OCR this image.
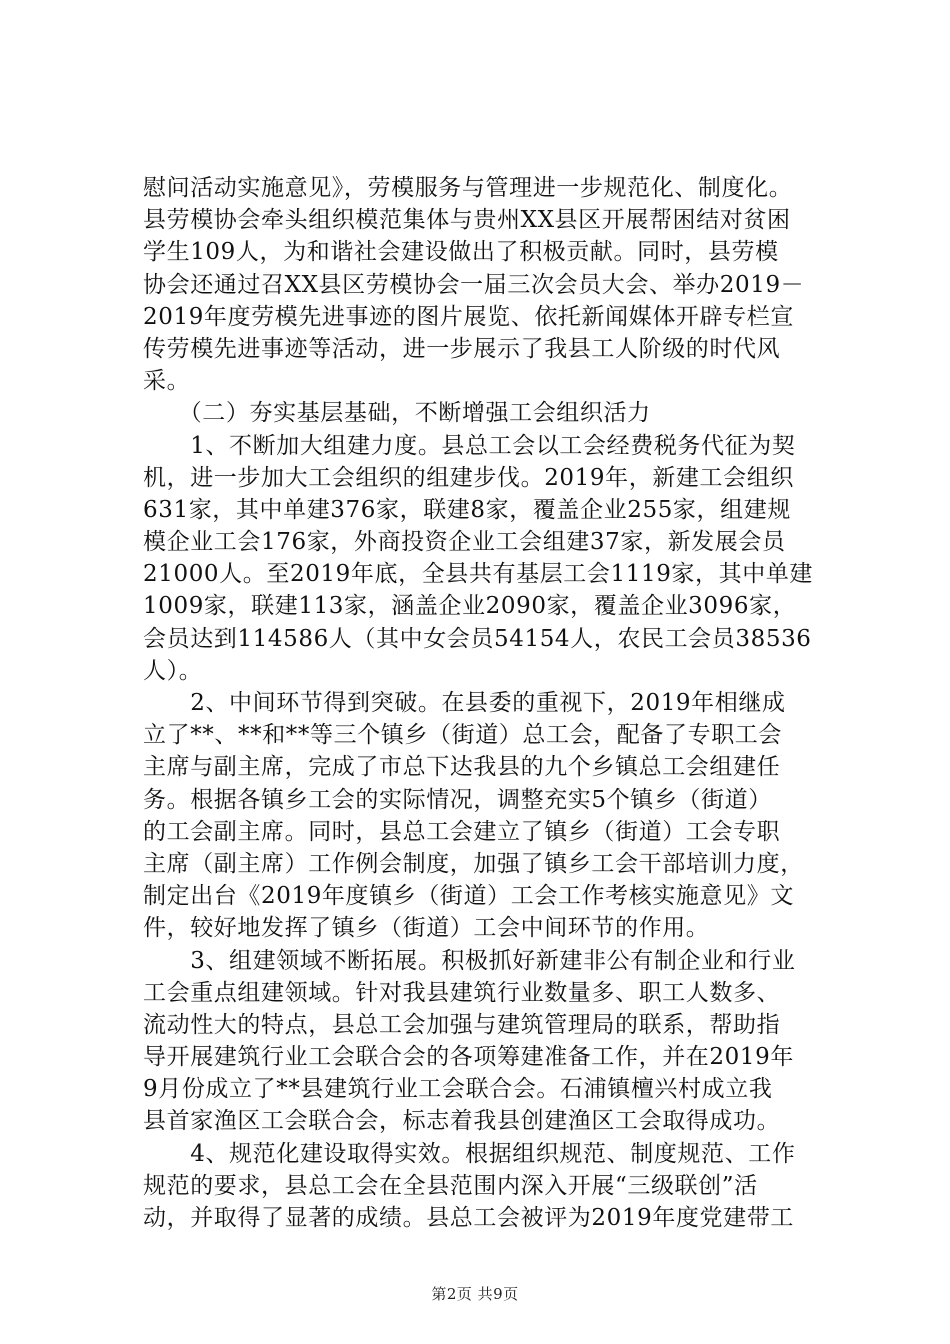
慰问活动实施意见》，劳模服务与管理进一步规范化、制度化。
县劳模协会牵头组织模范集体与贵州XX县区开展帮困结对贫困
学生109人，为和谐社会建设做出了积极贡献。同时，县劳模
协会还通过召XX县区劳模协会一届三次会员大会、举办2019－
2019年度劳模先进事迹的图片展览、依托新闻媒体开辟专栏宣
传劳模先进事迹等活动，进一步展示了我县工人阶级的时代风
采。
　　（二）夯实基层基础，不断增强工会组织活力
　　1、不断加大组建力度。县总工会以工会经费税务代征为契
机，进一步加大工会组织的组建步伐。2019年，新建工会组织
631家，其中单建376家，联建8家，覆盖企业255家，组建规
模企业工会176家，外商投资企业工会组建37家，新发展会员
21000人。至2019年底，全县共有基层工会1119家，其中单建
1009家，联建113家，涵盖企业2090家，覆盖企业3096家，
会员达到114586人（其中女会员54154人，农民工会员38536
人）。
　　2、中间环节得到突破。在县委的重视下，2019年相继成
立了**、**和**等三个镇乡（街道）总工会，配备了专职工会
主席与副主席，完成了市总下达我县的九个乡镇总工会组建任
务。根据各镇乡工会的实际情况，调整充实5个镇乡（街道）
的工会副主席。同时，县总工会建立了镇乡（街道）工会专职
主席（副主席）工作例会制度，加强了镇乡工会干部培训力度，
制定出台《2019年度镇乡（街道）工会工作考核实施意见》文
件，较好地发挥了镇乡（街道）工会中间环节的作用。
　　3、组建领域不断拓展。积极抓好新建非公有制企业和行业
工会重点组建领域。针对我县建筑行业数量多、职工人数多、
流动性大的特点，县总工会加强与建筑管理局的联系，帮助指
导开展建筑行业工会联合会的各项筹建准备工作，并在2019年
9月份成立了**县建筑行业工会联合会。石浦镇檀兴村成立我
县首家渔区工会联合会，标志着我县创建渔区工会取得成功。
　　4、规范化建设取得实效。根据组织规范、制度规范、工作
规范的要求，县总工会在全县范围内深入开展“三级联创”活
动，并取得了显著的成绩。县总工会被评为2019年度党建带工
第2页 共9页
